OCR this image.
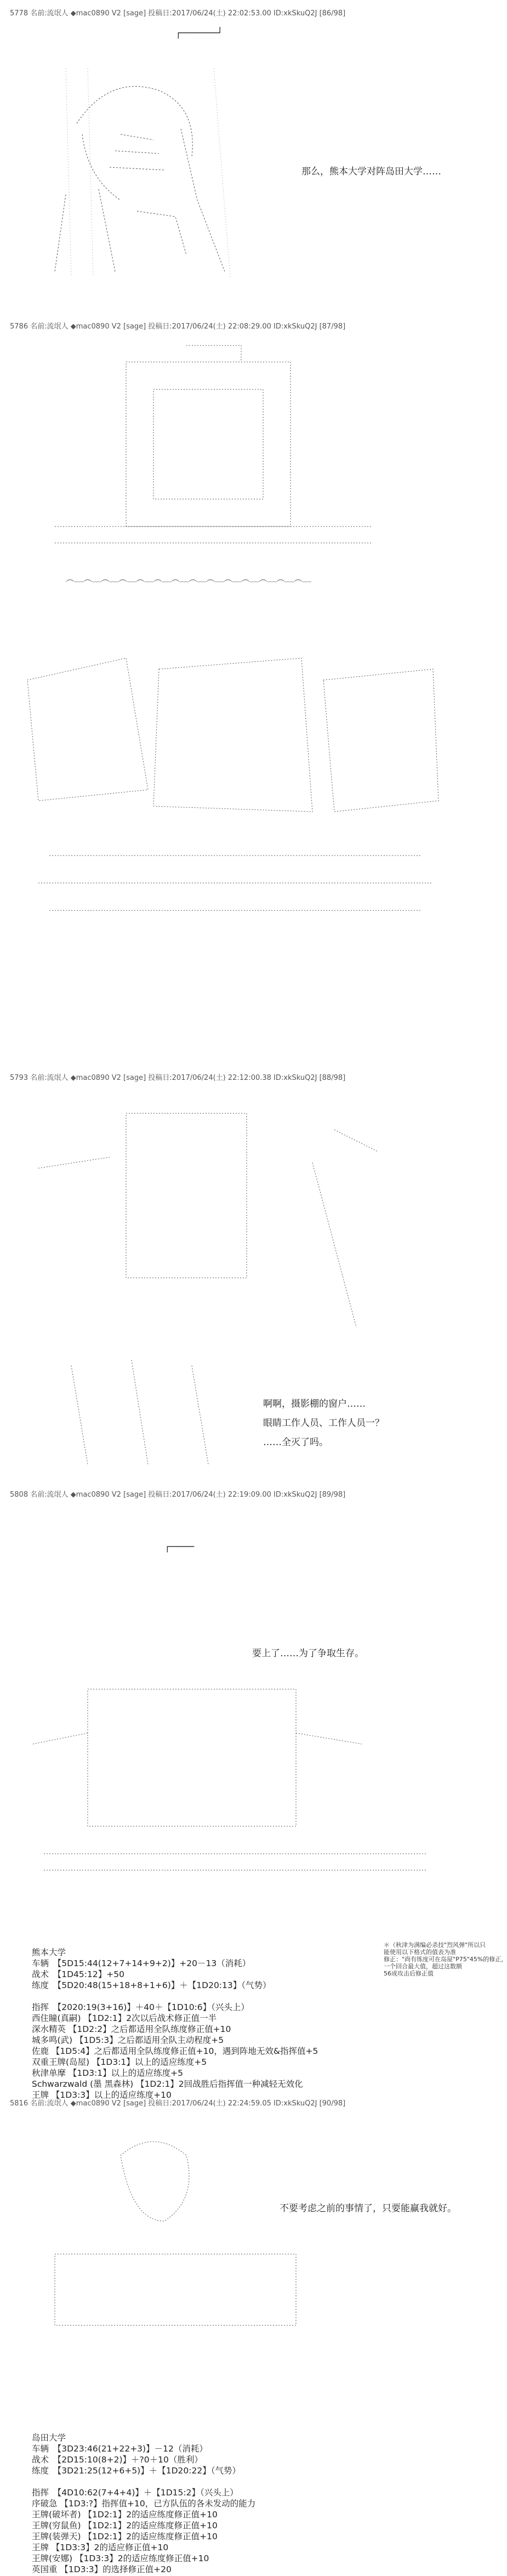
5778 名前:流氓人 ◆mac0890 V2 [sage] 投稿日:2017/06/24(土) 22:02:53.00 ID:xkSkuQ2J [86/98]
┌──────┘
那么，熊本大学对阵岛田大学……
5786 名前:流氓人 ◆mac0890 V2 [sage] 投稿日:2017/06/24(土) 22:08:29.00 ID:xkSkuQ2J [87/98]
︵﹏︵﹏︵﹏︵﹏︵﹏︵﹏︵﹏︵﹏︵﹏︵﹏︵﹏︵﹏︵﹏︵﹏
5793 名前:流氓人 ◆mac0890 V2 [sage] 投稿日:2017/06/24(土) 22:12:00.38 ID:xkSkuQ2J [88/98]
啊啊，摄影棚的窗户……
眼睛工作人员、工作人员一？
……全灭了吗。
5808 名前:流氓人 ◆mac0890 V2 [sage] 投稿日:2017/06/24(土) 22:19:09.00 ID:xkSkuQ2J [89/98]
┌────
要上了……为了争取生存。
熊本大学
车辆　【5D15:44(12+7+14+9+2)】+20－13（消耗）
战术　【1D45:12】+50
练度　【5D20:48(15+18+8+1+6)】＋【1D20:13】（气势）
指挥　【2020:19(3+16)】＋40＋【1D10:6】（兴头上）
西住瞳(真嗣) 【1D2:1】2次以后战术修正值一半
深水精英 【1D2:2】之后都适用全队练度修正值+10
城多鸣(武) 【1D5:3】之后都适用全队主动程度+5
佐鹿 【1D5:4】之后都适用全队练度修正值+10，遇到阵地无效&指挥值+5
双重王牌(岛屋) 【1D3:1】以上的适应练度+5
秋津单摩 【1D3:1】以上的适应练度+5
Schwarzwald (墨 黑森林) 【1D2:1】2回战胜后指挥值一种减轻无效化
王牌 【1D3:3】以上的适应练度+10
＊（秋津为满编必杀技"烈风弹"所以只
能使用以下格式的值表为准
修正："尚有练度可在岛屋"P75"45%的修正，
一个回合最大值，超过这数额
56成攻击后修正值
5816 名前:流氓人 ◆mac0890 V2 [sage] 投稿日:2017/06/24(土) 22:24:59.05 ID:xkSkuQ2J [90/98]
不要考虑之前的事情了，只要能赢我就好。
岛田大学
车辆　【3D23:46(21+22+3)】－12（消耗）
战术　【2D15:10(8+2)】＋?0＋10（胜利）
练度　【3D21:25(12+6+5)】＋【1D20:22】（气势）
指挥　【4D10:62(7+4+4)】＋【1D15:2】（兴头上）
序破急 【1D3:?】指挥值+10，已方队伍的各未发动的能力
王牌(破坏者) 【1D2:1】2的适应练度修正值+10
王牌(穷鼠鱼) 【1D2:1】2的适应练度修正值+10
王牌(装弹天) 【1D2:1】2的适应练度修正值+10
王牌 【1D3:3】2的适应修正值+10
王牌(安娜) 【1D3:3】2的适应练度修正值+10
英国重 【1D3:3】的选择修正值+20
